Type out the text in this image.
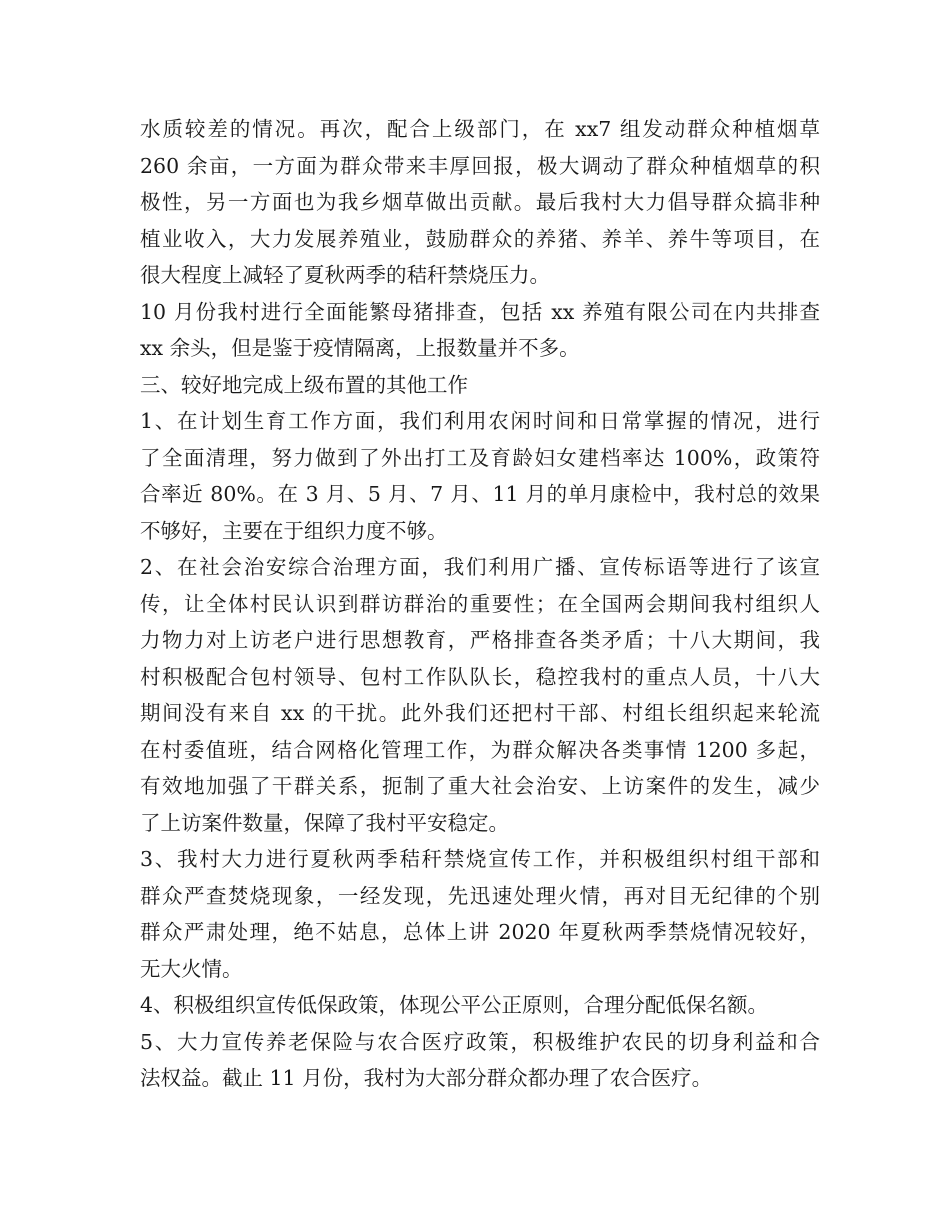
水质较差的情况。再次，配合上级部门，在 xx7 组发动群众种植烟草
260 余亩，一方面为群众带来丰厚回报，极大调动了群众种植烟草的积
极性，另一方面也为我乡烟草做出贡献。最后我村大力倡导群众搞非种
植业收入，大力发展养殖业，鼓励群众的养猪、养羊、养牛等项目，在
很大程度上减轻了夏秋两季的秸秆禁烧压力。
10 月份我村进行全面能繁母猪排查，包括 xx 养殖有限公司在内共排查
xx 余头，但是鉴于疫情隔离，上报数量并不多。
三、较好地完成上级布置的其他工作
1、在计划生育工作方面，我们利用农闲时间和日常掌握的情况，进行
了全面清理，努力做到了外出打工及育龄妇女建档率达 100%，政策符
合率近 80%。在 3 月、5 月、7 月、11 月的单月康检中，我村总的效果
不够好，主要在于组织力度不够。
2、在社会治安综合治理方面，我们利用广播、宣传标语等进行了该宣
传，让全体村民认识到群访群治的重要性；在全国两会期间我村组织人
力物力对上访老户进行思想教育，严格排查各类矛盾；十八大期间，我
村积极配合包村领导、包村工作队队长，稳控我村的重点人员，十八大
期间没有来自 xx 的干扰。此外我们还把村干部、村组长组织起来轮流
在村委值班，结合网格化管理工作，为群众解决各类事情 1200 多起，
有效地加强了干群关系，扼制了重大社会治安、上访案件的发生，减少
了上访案件数量，保障了我村平安稳定。
3、我村大力进行夏秋两季秸秆禁烧宣传工作，并积极组织村组干部和
群众严查焚烧现象，一经发现，先迅速处理火情，再对目无纪律的个别
群众严肃处理，绝不姑息，总体上讲 2020 年夏秋两季禁烧情况较好，
无大火情。
4、积极组织宣传低保政策，体现公平公正原则，合理分配低保名额。
5、大力宣传养老保险与农合医疗政策，积极维护农民的切身利益和合
法权益。截止 11 月份，我村为大部分群众都办理了农合医疗。
